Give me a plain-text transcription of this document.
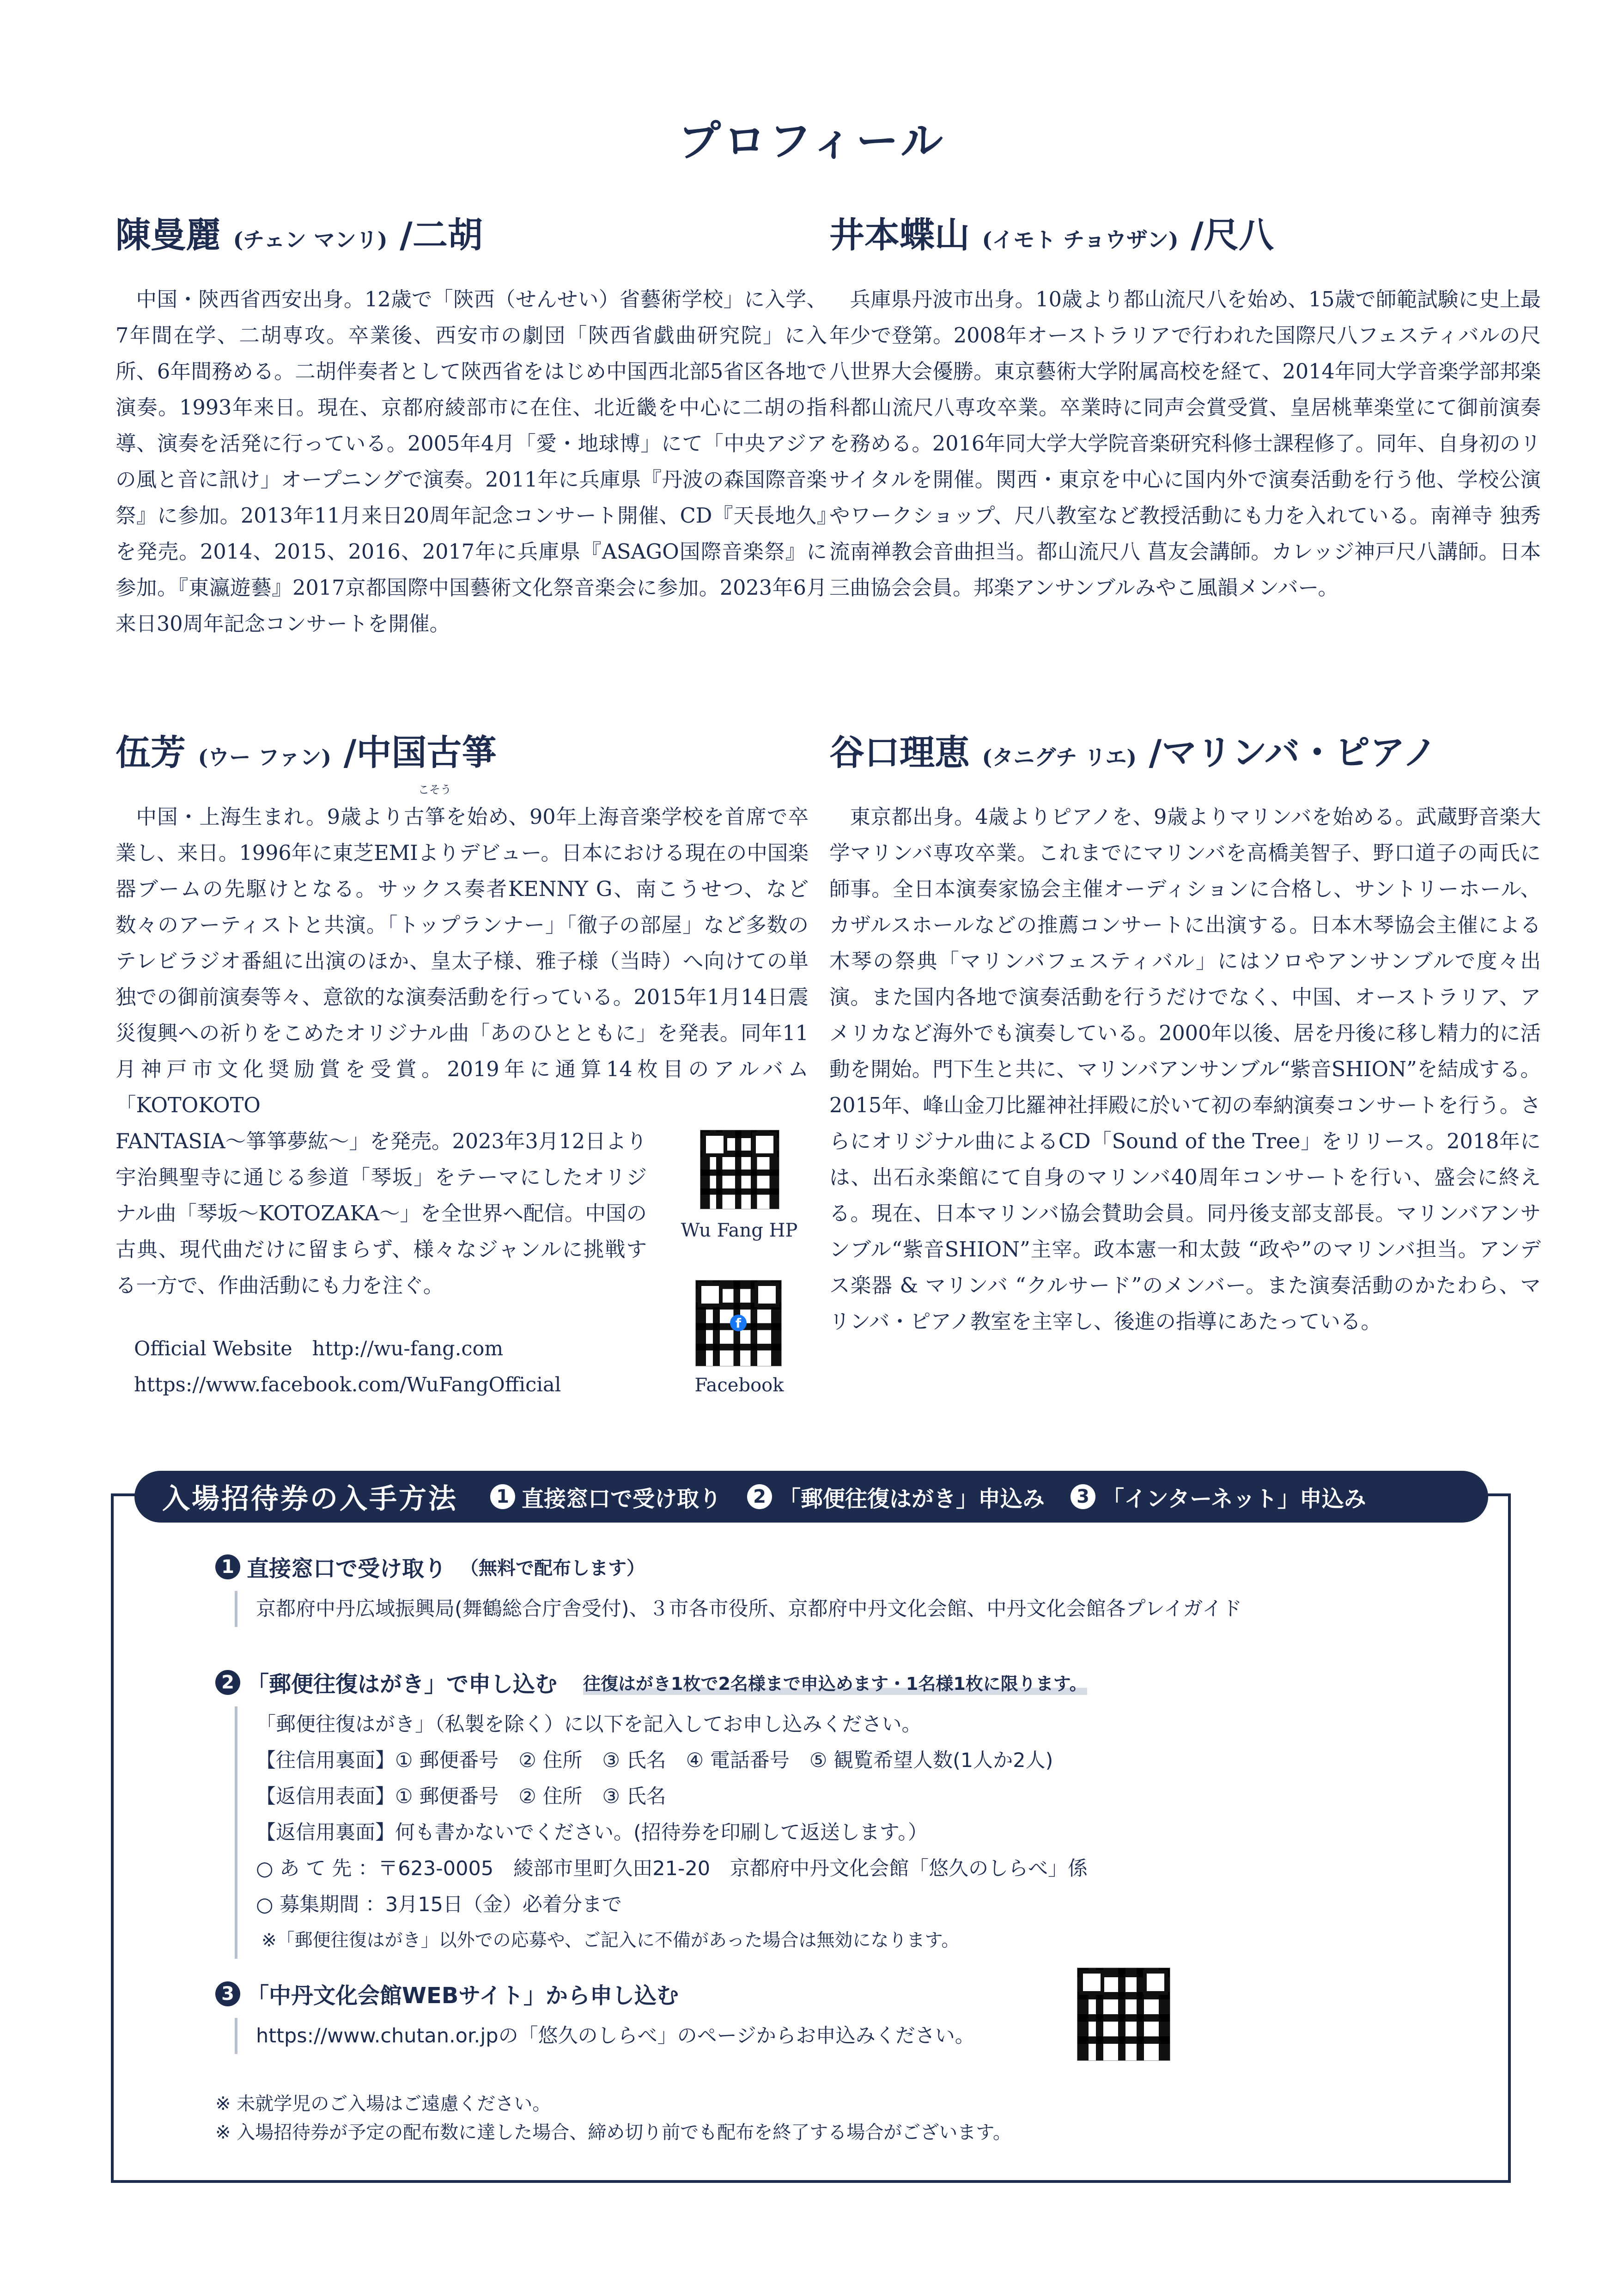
プロフィール
陳曼麗 (チェン マンリ) /二胡

中国・陝西省西安出身。12歳で「陝西（せんせい）省藝術学校」に入学、7年間在学、二胡専攻。卒業後、西安市の劇団「陝西省戯曲研究院」に入所、6年間務める。二胡伴奏者として陝西省をはじめ中国西北部5省区各地で演奏。1993年来日。現在、京都府綾部市に在住、北近畿を中心に二胡の指導、演奏を活発に行っている。2005年4月「愛・地球博」にて「中央アジアの風と音に訊け」オープニングで演奏。2011年に兵庫県『丹波の森国際音楽祭』に参加。2013年11月来日20周年記念コンサート開催、CD『天長地久』を発売。2014、2015、2016、2017年に兵庫県『ASAGO国際音楽祭』に参加。『東瀛遊藝』2017京都国際中国藝術文化祭音楽会に参加。2023年6月来日30周年記念コンサートを開催。

井本蝶山 (イモト チョウザン) /尺八

兵庫県丹波市出身。10歳より都山流尺八を始め、15歳で師範試験に史上最年少で登第。2008年オーストラリアで行われた国際尺八フェスティバルの尺八世界大会優勝。東京藝術大学附属高校を経て、2014年同大学音楽学部邦楽科都山流尺八専攻卒業。卒業時に同声会賞受賞、皇居桃華楽堂にて御前演奏を務める。2016年同大学大学院音楽研究科修士課程修了。同年、自身初のリサイタルを開催。関西・東京を中心に国内外で演奏活動を行う他、学校公演やワークショップ、尺八教室など教授活動にも力を入れている。南禅寺 独秀流南禅教会音曲担当。都山流尺八 菖友会講師。カレッジ神戸尺八講師。日本三曲協会会員。邦楽アンサンブルみやこ風韻メンバー。

伍芳 (ウー ファン) /中国古箏
こそう

中国・上海生まれ。9歳より古箏を始め、90年上海音楽学校を首席で卒業し、来日。1996年に東芝EMIよりデビュー。日本における現在の中国楽器ブームの先駆けとなる。サックス奏者KENNY G、南こうせつ、など数々のアーティストと共演。「トップランナー」「徹子の部屋」など多数のテレビラジオ番組に出演のほか、皇太子様、雅子様（当時）へ向けての単独での御前演奏等々、意欲的な演奏活動を行っている。2015年1月14日震災復興への祈りをこめたオリジナル曲「あのひとともに」を発表。同年11月神戸市文化奨励賞を受賞。2019年に通算14枚目のアルバム「KOTOKOTO

FANTASIA〜箏箏夢紘〜」を発売。2023年3月12日より宇治興聖寺に通じる参道「琴坂」をテーマにしたオリジナル曲「琴坂〜KOTOZAKA〜」を全世界へ配信。中国の古典、現代曲だけに留まらず、様々なジャンルに挑戦する一方で、作曲活動にも力を注ぐ。

Official Website　http://wu-fang.com
https://www.facebook.com/WuFangOfficial
Wu Fang HP
f
Facebook
谷口理恵 (タニグチ リエ) /マリンバ・ピアノ

東京都出身。4歳よりピアノを、9歳よりマリンバを始める。武蔵野音楽大学マリンバ専攻卒業。これまでにマリンバを高橋美智子、野口道子の両氏に師事。全日本演奏家協会主催オーディションに合格し、サントリーホール、カザルスホールなどの推薦コンサートに出演する。日本木琴協会主催による木琴の祭典「マリンバフェスティバル」にはソロやアンサンブルで度々出演。また国内各地で演奏活動を行うだけでなく、中国、オーストラリア、アメリカなど海外でも演奏している。2000年以後、居を丹後に移し精力的に活動を開始。門下生と共に、マリンバアンサンブル“紫音SHION”を結成する。2015年、峰山金刀比羅神社拝殿に於いて初の奉納演奏コンサートを行う。さらにオリジナル曲によるCD「Sound of the Tree」をリリース。2018年には、出石永楽館にて自身のマリンバ40周年コンサートを行い、盛会に終える。現在、日本マリンバ協会賛助会員。同丹後支部支部長。マリンバアンサンブル“紫音SHION”主宰。政本憲一和太鼓 “政や”のマリンバ担当。アンデス楽器 & マリンバ “クルサード”のメンバー。また演奏活動のかたわら、マリンバ・ピアノ教室を主宰し、後進の指導にあたっている。

入場招待券の入手方法	1 直接窓口で受け取り	2 「郵便往復はがき」申込み	3 「インターネット」申込み
1 直接窓口で受け取り （無料で配布します）

京都府中丹広域振興局(舞鶴総合庁舎受付)、３市各市役所、京都府中丹文化会館、中丹文化会館各プレイガイド

2 「郵便往復はがき」で申し込む 往復はがき1枚で2名様まで申込めます・1名様1枚に限ります。

「郵便往復はがき」（私製を除く）に以下を記入してお申し込みください。

【往信用裏面】① 郵便番号　② 住所　③ 氏名　④ 電話番号　⑤ 観覧希望人数(1人か2人)

【返信用表面】① 郵便番号　② 住所　③ 氏名

【返信用裏面】何も書かないでください。(招待券を印刷して返送します。）

○ あ て 先 ：〒623-0005　綾部市里町久田21-20　京都府中丹文化会館「悠久のしらべ」係

○ 募集期間 ：3月15日（金）必着分まで

※「郵便往復はがき」以外での応募や、ご記入に不備があった場合は無効になります。

3 「中丹文化会館WEBサイト」から申し込む

https://www.chutan.or.jpの「悠久のしらべ」のページからお申込みください。

※ 未就学児のご入場はご遠慮ください。

※ 入場招待券が予定の配布数に達した場合、締め切り前でも配布を終了する場合がございます。
